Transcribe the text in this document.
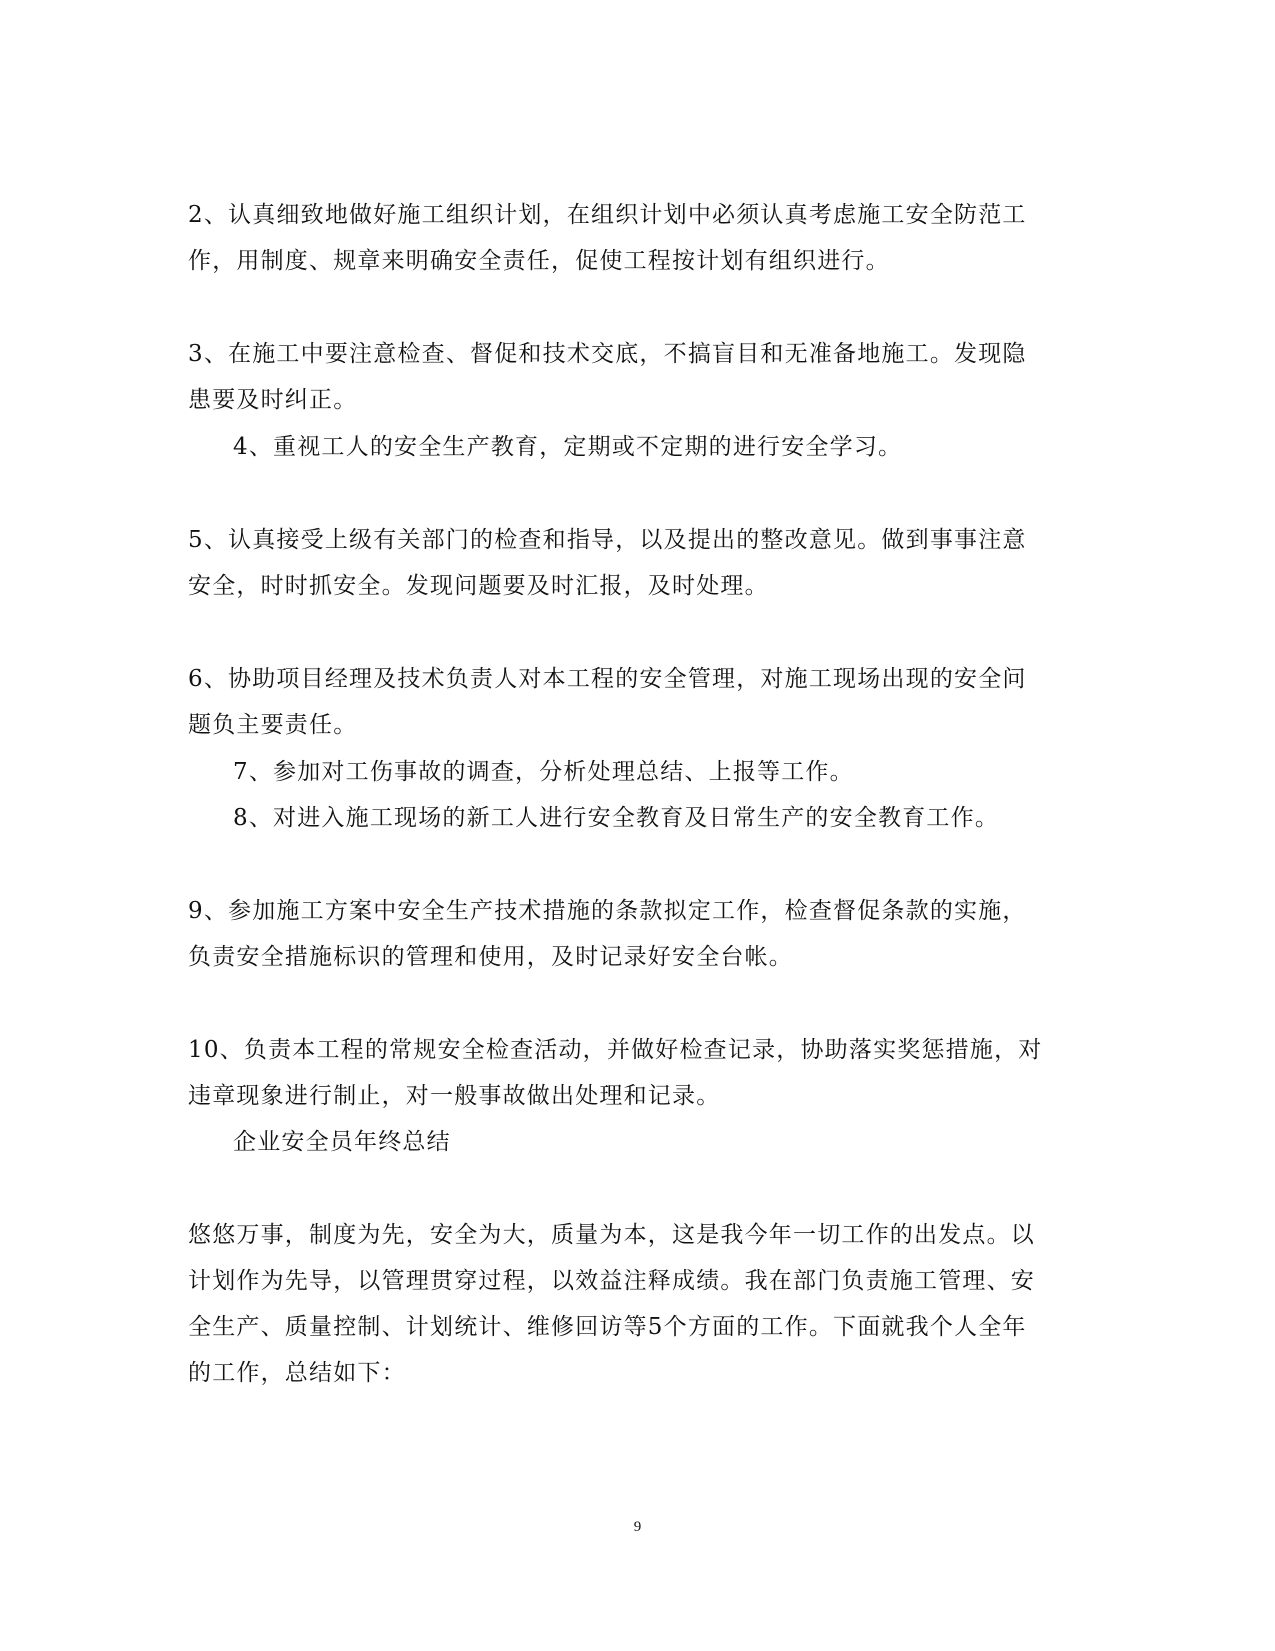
2、认真细致地做好施工组织计划，在组织计划中必须认真考虑施工安全防范工
作，用制度、规章来明确安全责任，促使工程按计划有组织进行。
3、在施工中要注意检查、督促和技术交底，不搞盲目和无准备地施工。发现隐
患要及时纠正。
4、重视工人的安全生产教育，定期或不定期的进行安全学习。
5、认真接受上级有关部门的检查和指导，以及提出的整改意见。做到事事注意
安全，时时抓安全。发现问题要及时汇报，及时处理。
6、协助项目经理及技术负责人对本工程的安全管理，对施工现场出现的安全问
题负主要责任。
7、参加对工伤事故的调查，分析处理总结、上报等工作。
8、对进入施工现场的新工人进行安全教育及日常生产的安全教育工作。
9、参加施工方案中安全生产技术措施的条款拟定工作，检查督促条款的实施，
负责安全措施标识的管理和使用，及时记录好安全台帐。
10、负责本工程的常规安全检查活动，并做好检查记录，协助落实奖惩措施，对
违章现象进行制止，对一般事故做出处理和记录。
企业安全员年终总结
悠悠万事，制度为先，安全为大，质量为本，这是我今年一切工作的出发点。以
计划作为先导，以管理贯穿过程，以效益注释成绩。我在部门负责施工管理、安
全生产、质量控制、计划统计、维修回访等5个方面的工作。下面就我个人全年
的工作，总结如下：
9
